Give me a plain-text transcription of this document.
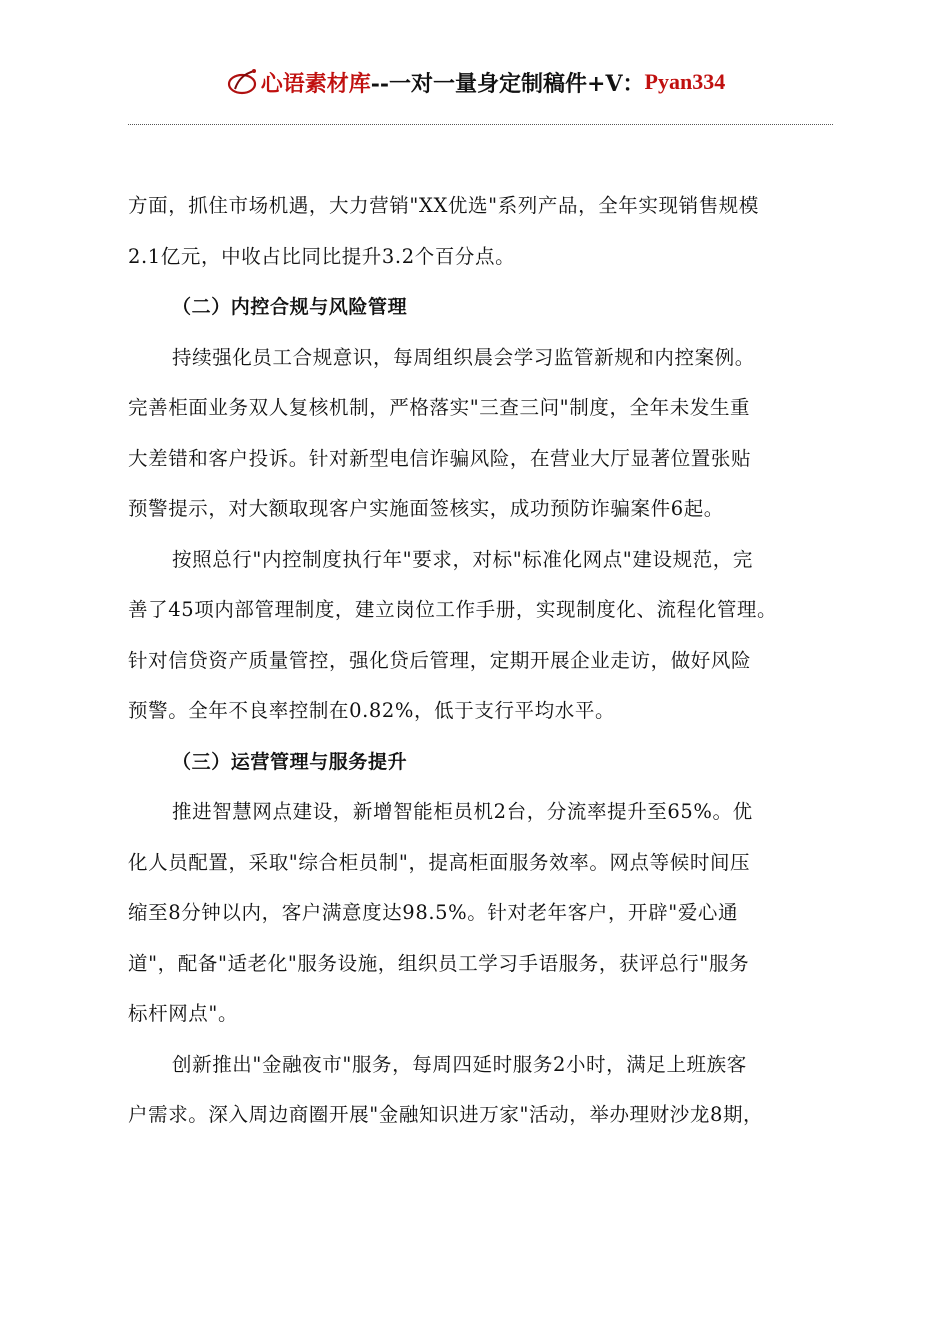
心语素材库 --一对一量身定制稿件+V： Pyan334
方面，抓住市场机遇，大力营销"XX优选"系列产品，全年实现销售规模
2.1亿元，中收占比同比提升3.2个百分点。
（二）内控合规与风险管理
持续强化员工合规意识，每周组织晨会学习监管新规和内控案例。
完善柜面业务双人复核机制，严格落实"三查三问"制度，全年未发生重
大差错和客户投诉。针对新型电信诈骗风险，在营业大厅显著位置张贴
预警提示，对大额取现客户实施面签核实，成功预防诈骗案件6起。
按照总行"内控制度执行年"要求，对标"标准化网点"建设规范，完
善了45项内部管理制度，建立岗位工作手册，实现制度化、流程化管理。
针对信贷资产质量管控，强化贷后管理，定期开展企业走访，做好风险
预警。全年不良率控制在0.82%，低于支行平均水平。
（三）运营管理与服务提升
推进智慧网点建设，新增智能柜员机2台，分流率提升至65%。优
化人员配置，采取"综合柜员制"，提高柜面服务效率。网点等候时间压
缩至8分钟以内，客户满意度达98.5%。针对老年客户，开辟"爱心通
道"，配备"适老化"服务设施，组织员工学习手语服务，获评总行"服务
标杆网点"。
创新推出"金融夜市"服务，每周四延时服务2小时，满足上班族客
户需求。深入周边商圈开展"金融知识进万家"活动，举办理财沙龙8期，
